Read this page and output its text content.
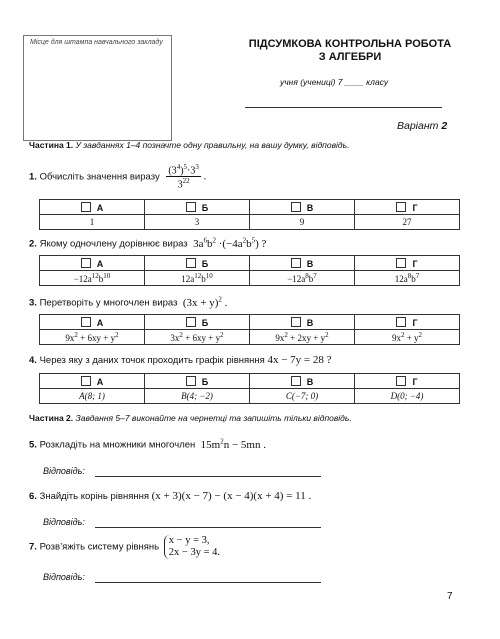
Місце для штампа навчального закладу	ПІДСУМКОВА КОНТРОЛЬНА РОБОТА
З АЛГЕБРИ
учня (учениці) 7 ____ класу
Варіант 2
Частина 1. У завданнях 1–4 позначте одну правильну, на вашу думку, відповідь.
1. Обчисліть значення виразу $\frac{(3^4)^5\cdot 3^3}{3^{22}}$ .
А	Б	В	Г
1	3	9	27
2. Якому одночлену дорівнює вираз  $3a^6b^2 \cdot(-4a^2b^5)$ ?
А	Б	В	Г
$-12a^{12}b^{10}$	$12a^{12}b^{10}$	$-12a^8b^7$	$12a^8b^7$
3. Перетворіть у многочлен вираз  $(3x + y)^2$ .
А	Б	В	Г
$9x^2 + 6xy + y^2$	$3x^2 + 6xy + y^2$	$9x^2 + 2xy + y^2$	$9x^2 + y^2$
4. Через яку з даних точок проходить графік рівняння 4x − 7y = 28 ?
А	Б	В	Г
A(8; 1)	B(4; −2)	C(−7; 0)	D(0; −4)
Частина 2. Завдання 5–7 виконайте на чернетці та запишіть тільки відповідь.
5. Розкладіть на множники многочлен  $15m^2n - 5mn$ .
Відповідь:
6. Знайдіть корінь рівняння (x + 3)(x − 7) − (x − 4)(x + 4) = 11 .
Відповідь:
7. Розв’яжіть систему рівнянь
x − y = 3,
2x − 3y = 4.
Відповідь:
7
